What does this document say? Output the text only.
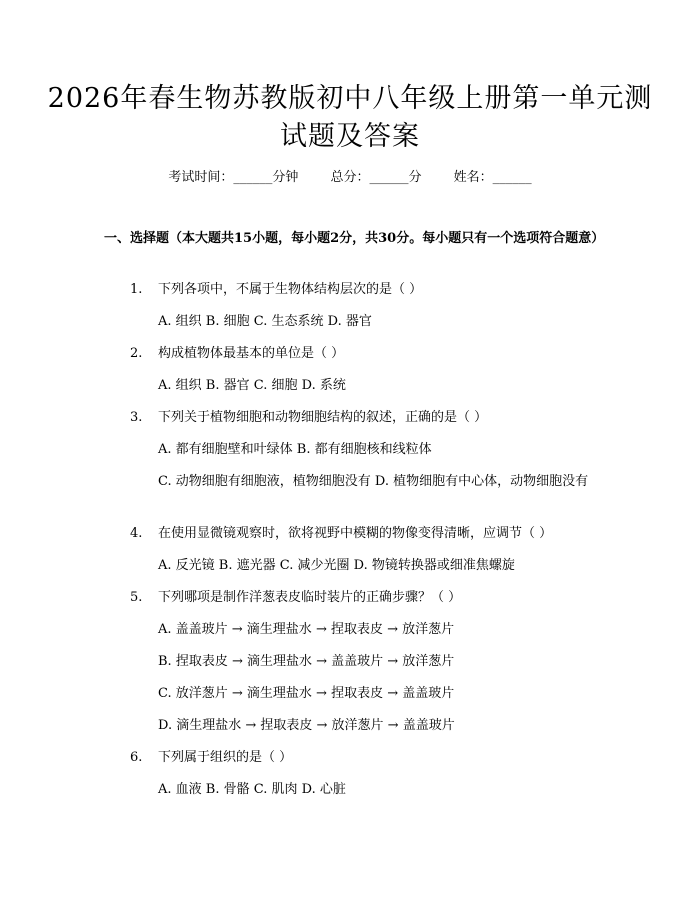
2026年春生物苏教版初中八年级上册第一单元测试题及答案
考试时间：______分钟 总分：______分 姓名：______
一、选择题（本大题共15小题，每小题2分，共30分。每小题只有一个选项符合题意）
1. 下列各项中，不属于生物体结构层次的是（ ）
A. 组织 B. 细胞 C. 生态系统 D. 器官
2. 构成植物体最基本的单位是（ ）
A. 组织 B. 器官 C. 细胞 D. 系统
3. 下列关于植物细胞和动物细胞结构的叙述，正确的是（ ）
A. 都有细胞壁和叶绿体 B. 都有细胞核和线粒体
C. 动物细胞有细胞液，植物细胞没有 D. 植物细胞有中心体，动物细胞没有
4. 在使用显微镜观察时，欲将视野中模糊的物像变得清晰，应调节（ ）
A. 反光镜 B. 遮光器 C. 减少光圈 D. 物镜转换器或细准焦螺旋
5. 下列哪项是制作洋葱表皮临时装片的正确步骤？（ ）
A. 盖盖玻片 → 滴生理盐水 → 捏取表皮 → 放洋葱片
B. 捏取表皮 → 滴生理盐水 → 盖盖玻片 → 放洋葱片
C. 放洋葱片 → 滴生理盐水 → 捏取表皮 → 盖盖玻片
D. 滴生理盐水 → 捏取表皮 → 放洋葱片 → 盖盖玻片
6. 下列属于组织的是（ ）
A. 血液 B. 骨骼 C. 肌肉 D. 心脏
